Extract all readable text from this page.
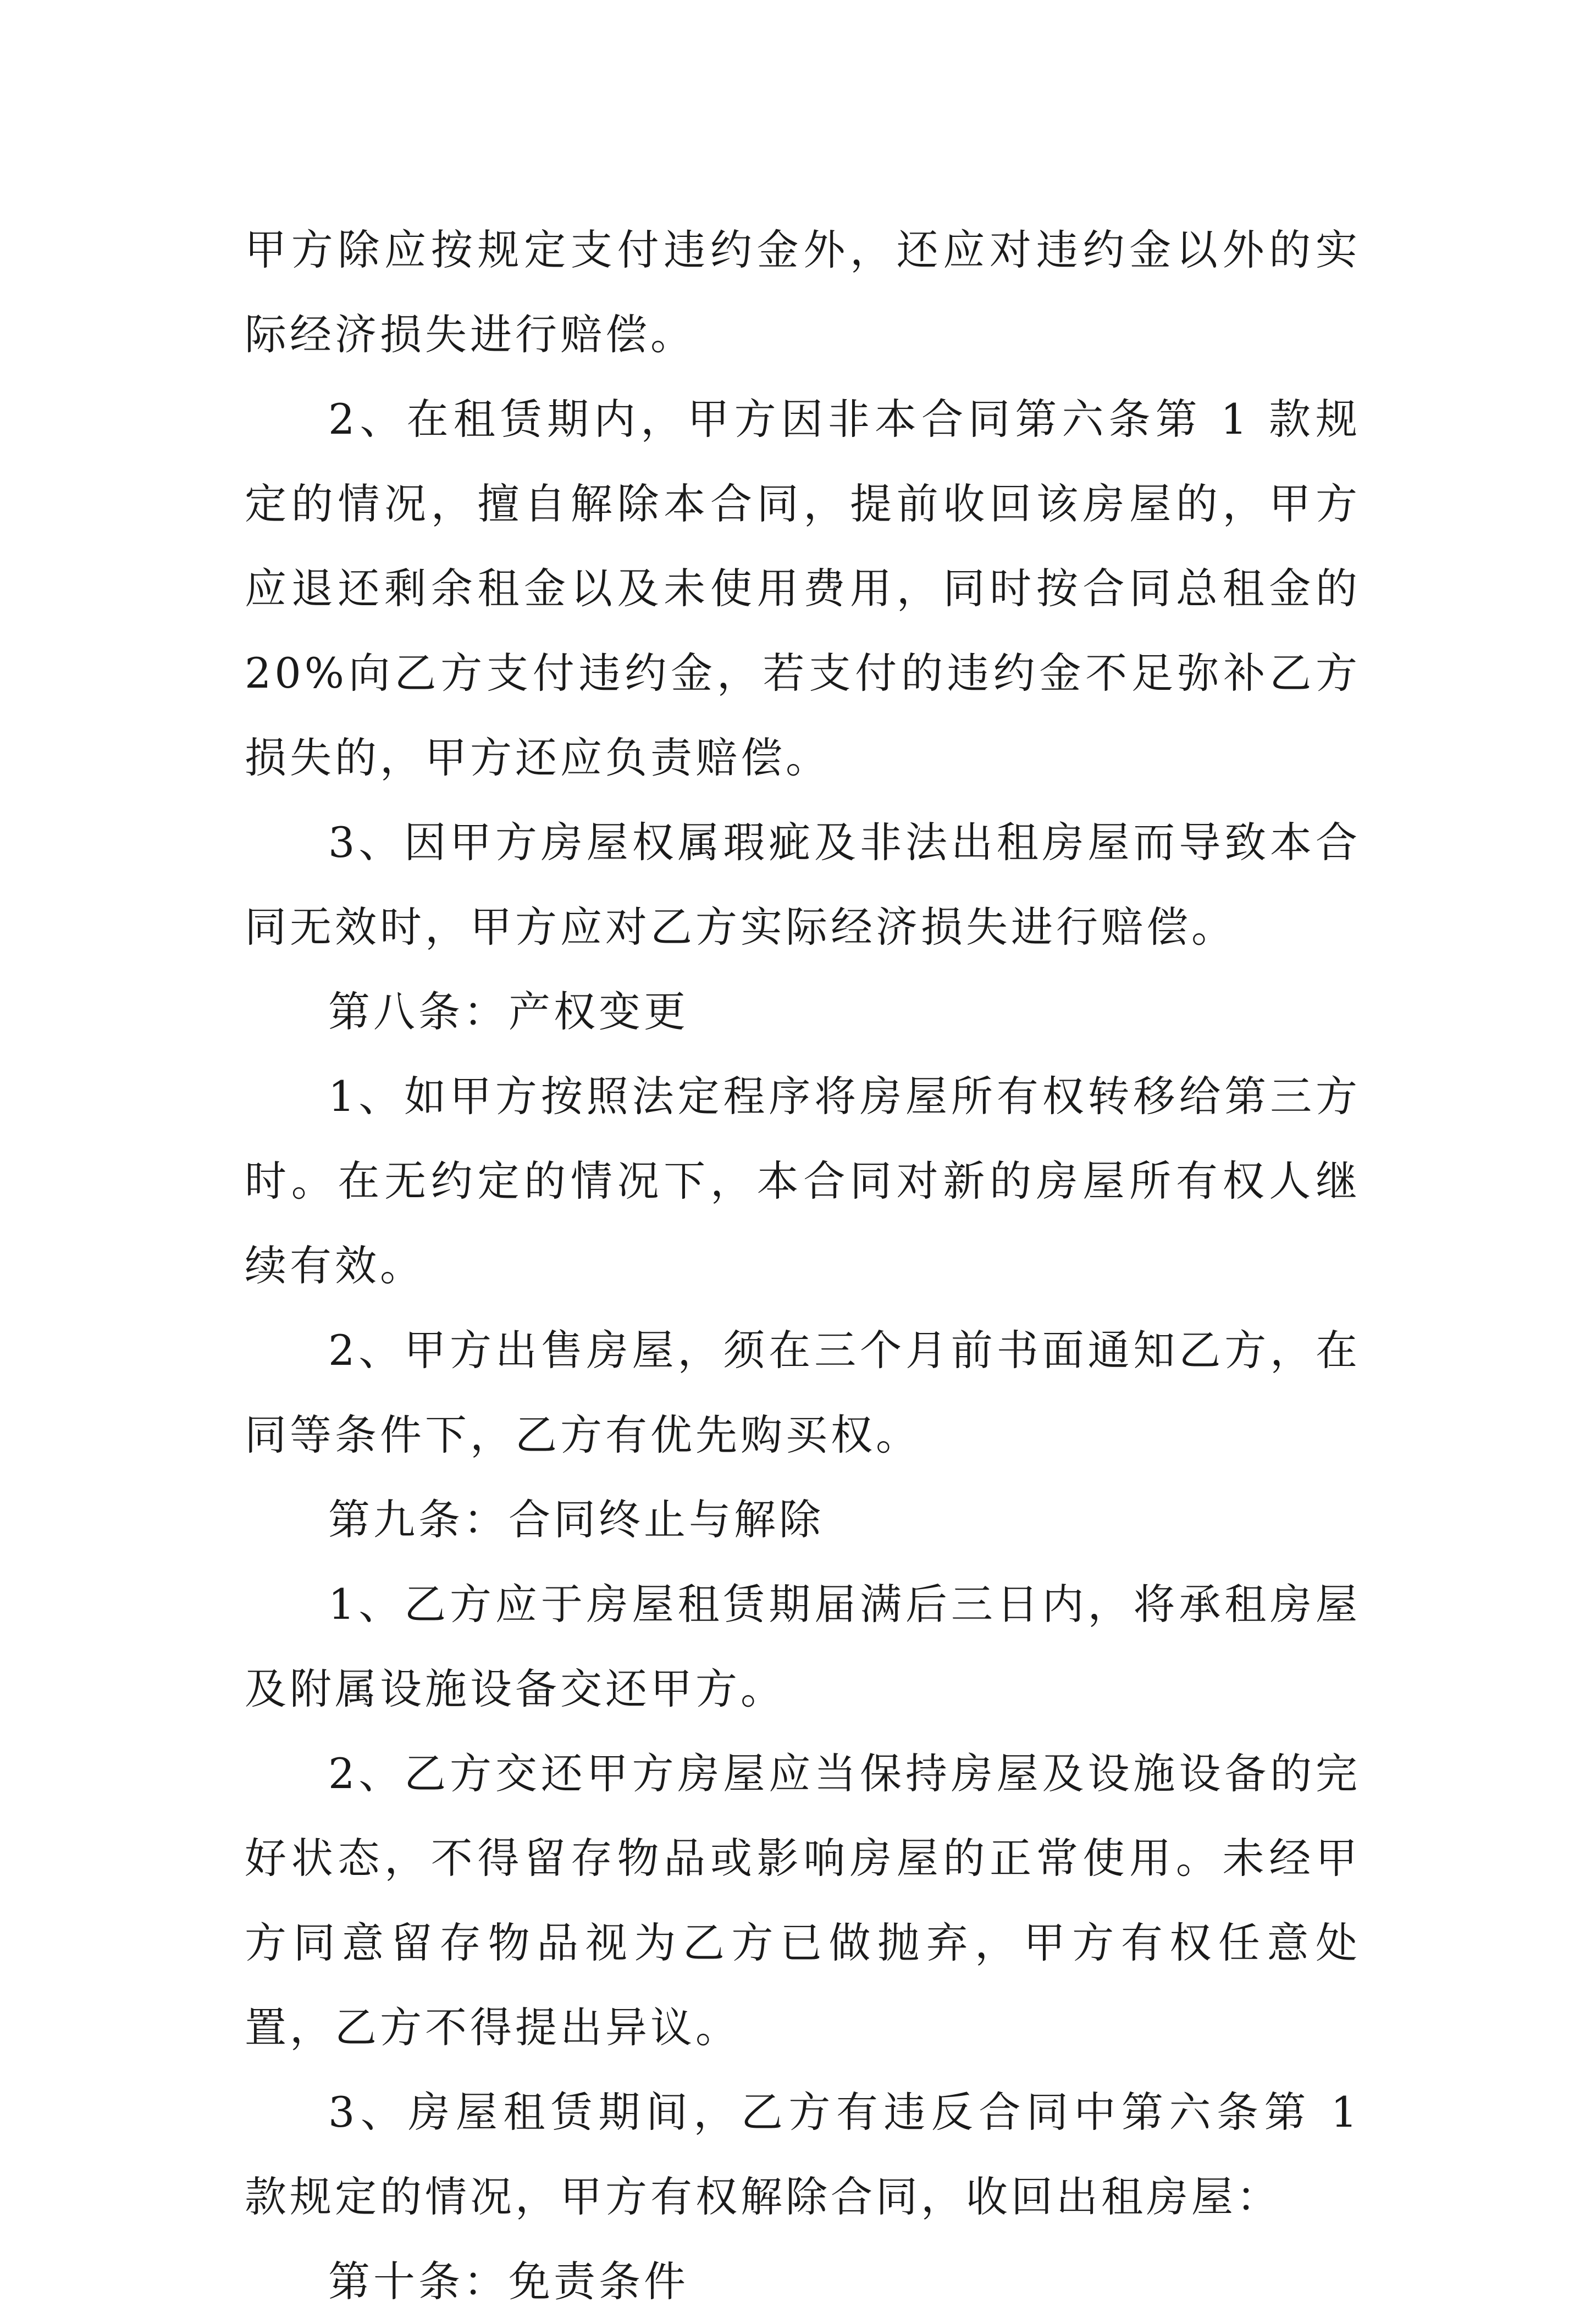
甲方除应按规定支付违约金外，还应对违约金以外的实际经济损失进行赔偿。

2、在租赁期内，甲方因非本合同第六条第 1 款规定的情况，擅自解除本合同，提前收回该房屋的，甲方应退还剩余租金以及未使用费用，同时按合同总租金的 20%向乙方支付违约金，若支付的违约金不足弥补乙方损失的，甲方还应负责赔偿。

3、因甲方房屋权属瑕疵及非法出租房屋而导致本合同无效时，甲方应对乙方实际经济损失进行赔偿。

第八条：产权变更

1、如甲方按照法定程序将房屋所有权转移给第三方时。在无约定的情况下，本合同对新的房屋所有权人继续有效。

2、甲方出售房屋，须在三个月前书面通知乙方，在同等条件下，乙方有优先购买权。

第九条：合同终止与解除

1、乙方应于房屋租赁期届满后三日内，将承租房屋及附属设施设备交还甲方。

2、乙方交还甲方房屋应当保持房屋及设施设备的完好状态，不得留存物品或影响房屋的正常使用。未经甲方同意留存物品视为乙方已做抛弃，甲方有权任意处置，乙方不得提出异议。

3、房屋租赁期间，乙方有违反合同中第六条第 1 款规定的情况，甲方有权解除合同，收回出租房屋：

第十条：免责条件
